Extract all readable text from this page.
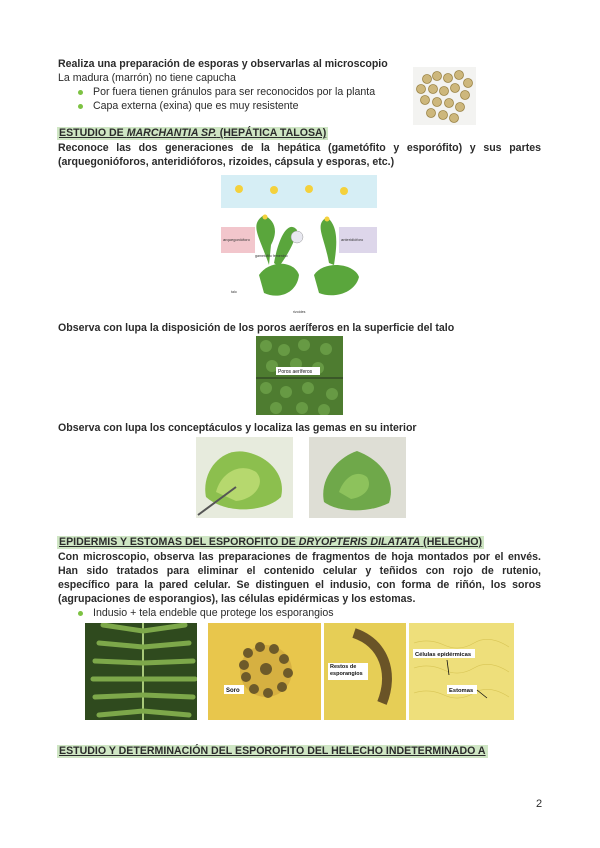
Realiza una preparación de esporas y observarlas al microscopio
La madura (marrón) no tiene capucha
Por fuera tienen gránulos para ser reconocidos por la planta
Capa externa (exina) que es muy resistente
ESTUDIO DE MARCHANTIA SP. (HEPÁTICA TALOSA)
Reconoce las dos generaciones de la hepática (gametófito y esporófito) y sus partes
(arquegonióforos, anteridióforos, rizoides, cápsula y esporas, etc.)
arquegonióforo	anteridióforo
gametófito femenino
rizoides
talo
Observa con lupa la disposición de los poros aeríferos en la superficie del talo
Poros aeríferos
Observa con lupa los conceptáculos y localiza las gemas en su interior
EPIDERMIS Y ESTOMAS DEL ESPOROFITO DE DRYOPTERIS DILATATA (HELECHO)
Con microscopio, observa las preparaciones de fragmentos de hoja montados por el envés.
Han sido tratados para eliminar el contenido celular y teñidos con rojo de rutenio,
específico para la pared celular. Se distinguen el indusio, con forma de riñón, los soros
(agrupaciones de esporangios), las células epidérmicas y los estomas.
Indusio + tela endeble que protege los esporangios
Soro
Restos de esporangios
Células epidérmicas
Estomas
ESTUDIO Y DETERMINACIÓN DEL ESPOROFITO DEL HELECHO INDETERMINADO A
2
